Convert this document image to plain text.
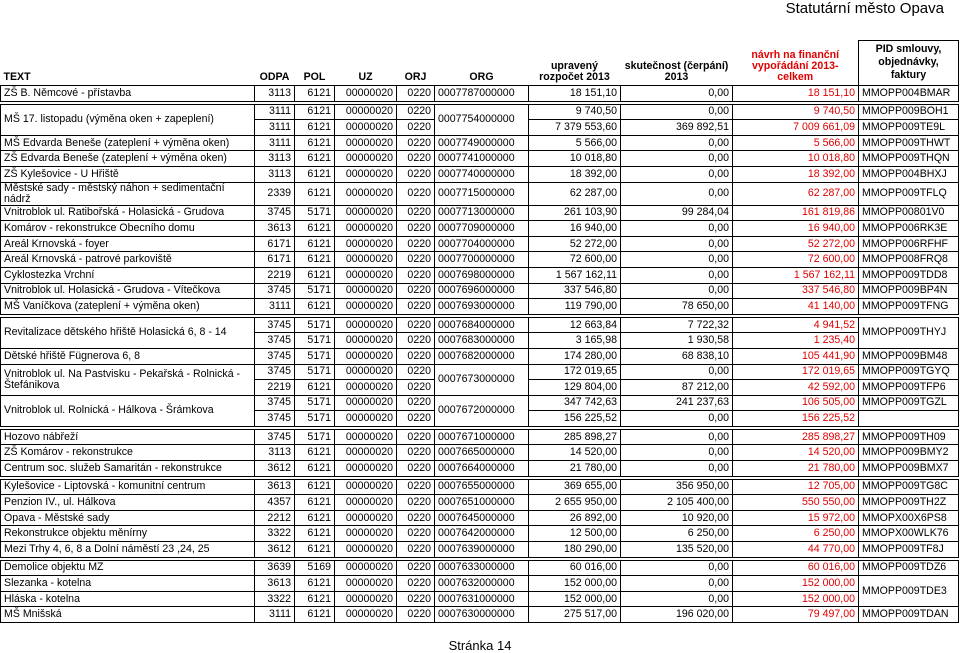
Statutární město Opava
TEXT	ODPA	POL	UZ	ORJ	ORG	upravený rozpočet 2013	skutečnost (čerpání) 2013	návrh na finanční vypořádání 2013-celkem	PID smlouvy, objednávky, faktury
ZŠ B. Němcové - přístavba	3113	6121	00000020	0220	0007787000000	18 151,10	0,00	18 151,10	MMOPP004BMAR

MŠ 17. listopadu (výměna oken + zapeplení)	3111	6121	00000020	0220	0007754000000	9 740,50	0,00	9 740,50	MMOPP009BOH1
	3111	6121	00000020	0220		7 379 553,60	369 892,51	7 009 661,09	MMOPP009TE9L
MŠ Edvarda Beneše (zateplení + výměna oken)	3111	6121	00000020	0220	0007749000000	5 566,00	0,00	5 566,00	MMOPP009THWT
ZŠ Edvarda Beneše (zateplení + výměna oken)	3113	6121	00000020	0220	0007741000000	10 018,80	0,00	10 018,80	MMOPP009THQN
ZŠ Kylešovice - U Hřiště	3113	6121	00000020	0220	0007740000000	18 392,00	0,00	18 392,00	MMOPP004BHXJ
Městské sady - městský náhon + sedimentační nádrž	2339	6121	00000020	0220	0007715000000	62 287,00	0,00	62 287,00	MMOPP009TFLQ
Vnitroblok ul. Ratibořská - Holasická - Grudova	3745	5171	00000020	0220	0007713000000	261 103,90	99 284,04	161 819,86	MMOPP00801V0
Komárov - rekonstrukce Obecního domu	3613	6121	00000020	0220	0007709000000	16 940,00	0,00	16 940,00	MMOPP006RK3E
Areál Krnovská - foyer	6171	6121	00000020	0220	0007704000000	52 272,00	0,00	52 272,00	MMOPP006RFHF
Areál Krnovská - patrové parkoviště	6171	6121	00000020	0220	0007700000000	72 600,00	0,00	72 600,00	MMOPP008FRQ8
Cyklostezka Vrchní	2219	6121	00000020	0220	0007698000000	1 567 162,11	0,00	1 567 162,11	MMOPP009TDD8
Vnitroblok ul. Holasická - Grudova - Vítečkova	3745	5171	00000020	0220	0007696000000	337 546,80	0,00	337 546,80	MMOPP009BP4N
MŠ Vaníčkova (zateplení + výměna oken)	3111	6121	00000020	0220	0007693000000	119 790,00	78 650,00	41 140,00	MMOPP009TFNG

Revitalizace dětského hřiště Holasická 6, 8 - 14	3745	5171	00000020	0220	0007684000000	12 663,84	7 722,32	4 941,52	MMOPP009THYJ
	3745	5171	00000020	0220	0007683000000	3 165,98	1 930,58	1 235,40	
Dětské hřiště Fügnerova 6, 8	3745	5171	00000020	0220	0007682000000	174 280,00	68 838,10	105 441,90	MMOPP009BM48
Vnitroblok ul. Na Pastvisku - Pekařská - Rolnická - Štefánikova	3745	5171	00000020	0220	0007673000000	172 019,65	0,00	172 019,65	MMOPP009TGYQ
	2219	6121	00000020	0220		129 804,00	87 212,00	42 592,00	MMOPP009TFP6
Vnitroblok ul. Rolnická - Hálkova - Šrámkova	3745	5171	00000020	0220	0007672000000	347 742,63	241 237,63	106 505,00	MMOPP009TGZL
	3745	5171	00000020	0220		156 225,52	0,00	156 225,52	

Hozovo nábřeží	3745	5171	00000020	0220	0007671000000	285 898,27	0,00	285 898,27	MMOPP009TH09
ZŠ Komárov - rekonstrukce	3113	6121	00000020	0220	0007665000000	14 520,00	0,00	14 520,00	MMOPP009BMY2
Centrum soc. služeb Samaritán - rekonstrukce	3612	6121	00000020	0220	0007664000000	21 780,00	0,00	21 780,00	MMOPP009BMX7

Kylešovice - Liptovská - komunitní centrum	3613	6121	00000020	0220	0007655000000	369 655,00	356 950,00	12 705,00	MMOPP009TG8C
Penzion IV., ul. Hálkova	4357	6121	00000020	0220	0007651000000	2 655 950,00	2 105 400,00	550 550,00	MMOPP009TH2Z
Opava - Městské sady	2212	6121	00000020	0220	0007645000000	26 892,00	10 920,00	15 972,00	MMOPX00X6PS8
Rekonstrukce objektu měnírny	3322	6121	00000020	0220	0007642000000	12 500,00	6 250,00	6 250,00	MMOPX00WLK76
Mezi Trhy 4, 6, 8 a Dolní náměstí 23 ,24, 25	3612	6121	00000020	0220	0007639000000	180 290,00	135 520,00	44 770,00	MMOPP009TF8J

Demolice objektu MZ	3639	5169	00000020	0220	0007633000000	60 016,00	0,00	60 016,00	MMOPP009TDZ6
Slezanka - kotelna	3613	6121	00000020	0220	0007632000000	152 000,00	0,00	152 000,00	MMOPP009TDE3
Hláska - kotelna	3322	6121	00000020	0220	0007631000000	152 000,00	0,00	152 000,00	
MŠ Mnišská	3111	6121	00000020	0220	0007630000000	275 517,00	196 020,00	79 497,00	MMOPP009TDAN
Stránka 14
